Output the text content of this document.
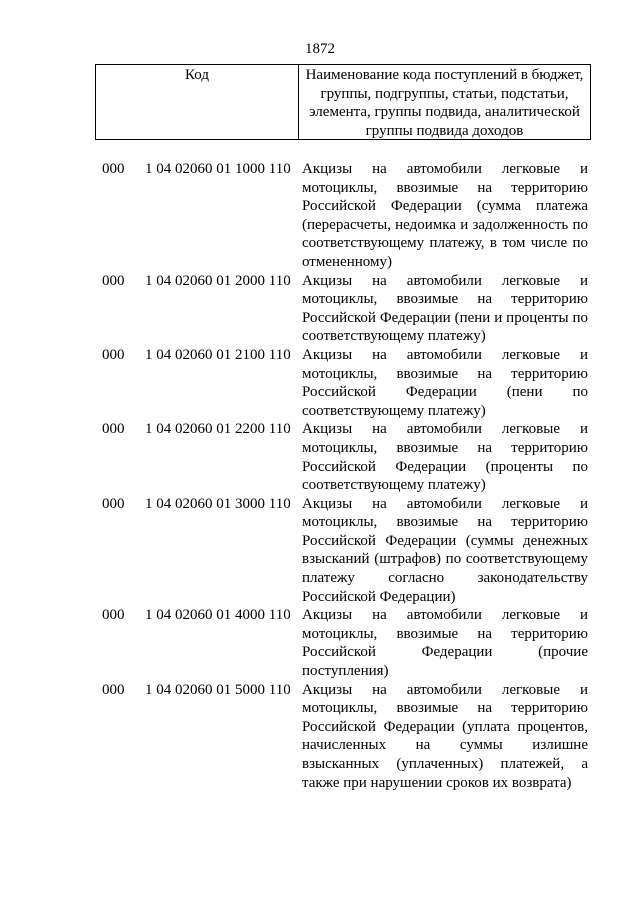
1872
Код	Наименование кода поступлений в бюджет, группы, подгруппы, статьи, подстатьи, элемента, группы подвида, аналитической группы подвида доходов
000 1 04 02060 01 1000 110 Акцизы на автомобили легковые и мотоциклы, ввозимые на территорию Российской Федерации (сумма платежа (перерасчеты, недоимка и задолженность по соответствующему платежу, в том числе по отмененному)
000 1 04 02060 01 2000 110 Акцизы на автомобили легковые и мотоциклы, ввозимые на территорию Российской Федерации (пени и проценты по соответствующему платежу)
000 1 04 02060 01 2100 110 Акцизы на автомобили легковые и мотоциклы, ввозимые на территорию Российской Федерации (пени по соответствующему платежу)
000 1 04 02060 01 2200 110 Акцизы на автомобили легковые и мотоциклы, ввозимые на территорию Российской Федерации (проценты по соответствующему платежу)
000 1 04 02060 01 3000 110 Акцизы на автомобили легковые и мотоциклы, ввозимые на территорию Российской Федерации (суммы денежных взысканий (штрафов) по соответствующему платежу согласно законодательству Российской Федерации)
000 1 04 02060 01 4000 110 Акцизы на автомобили легковые и мотоциклы, ввозимые на территорию Российской Федерации (прочие поступления)
000 1 04 02060 01 5000 110 Акцизы на автомобили легковые и мотоциклы, ввозимые на территорию Российской Федерации (уплата процентов, начисленных на суммы излишне взысканных (уплаченных) платежей, а также при нарушении сроков их возврата)
